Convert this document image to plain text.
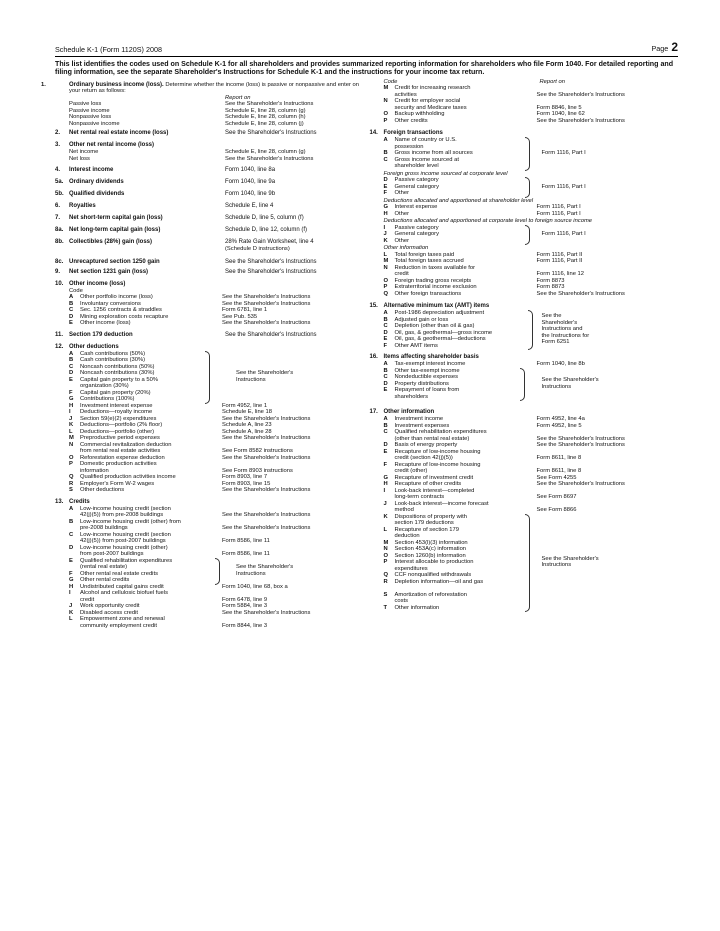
Schedule K-1 (Form 1120S) 2008	Page 2
This list identifies the codes used on Schedule K-1 for all shareholders and provides summarized reporting information for shareholders who file Form 1040. For detailed reporting and filing information, see the separate Shareholder's Instructions for Schedule K-1 and the instructions for your income tax return.
1.	Ordinary business income (loss). Determine whether the income (loss) is passive or nonpassive and enter on your return as follows:
Report on
Passive loss	See the Shareholder's Instructions
Passive income	Schedule E, line 28, column (g)
Nonpassive loss	Schedule E, line 28, column (h)
Nonpassive income	Schedule E, line 28, column (j)
2.	Net rental real estate income (loss)	See the Shareholder's Instructions
3.	Other net rental income (loss)
Net income	Schedule E, line 28, column (g)
Net loss	See the Shareholder's Instructions
4.	Interest income	Form 1040, line 8a
5a. Ordinary dividends	Form 1040, line 9a
5b. Qualified dividends	Form 1040, line 9b
6.	Royalties	Schedule E, line 4
7.	Net short-term capital gain (loss)	Schedule D, line 5, column (f)
8a. Net long-term capital gain (loss)	Schedule D, line 12, column (f)
8b. Collectibles (28%) gain (loss)	28% Rate Gain Worksheet, line 4
(Schedule D instructions)
8c. Unrecaptured section 1250 gain	See the Shareholder's Instructions
9.	Net section 1231 gain (loss)	See the Shareholder's Instructions
10. Other income (loss)
Code
A	Other portfolio income (loss)	See the Shareholder's Instructions
B	Involuntary conversions	See the Shareholder's Instructions
C	Sec. 1256 contracts & straddles	Form 6781, line 1
D	Mining exploration costs recapture	See Pub. 535
E	Other income (loss)	See the Shareholder's Instructions
11. Section 179 deduction	See the Shareholder's Instructions
12. Other deductions
A	Cash contributions (50%)
B	Cash contributions (30%)
C	Noncash contributions (50%)
D	Noncash contributions (30%)
E	Capital gain property to a 50%
organization (30%)
F	Capital gain property (20%)
G	Contributions (100%)
See the Shareholder's
Instructions
H	Investment interest expense	Form 4952, line 1
I	Deductions—royalty income	Schedule E, line 18
J	Section 59(e)(2) expenditures	See the Shareholder's Instructions
K	Deductions—portfolio (2% floor)	Schedule A, line 23
L	Deductions—portfolio (other)	Schedule A, line 28
M	Preproductive period expenses	See the Shareholder's Instructions
N	Commercial revitalization deduction
from rental real estate activities	See Form 8582 instructions
O	Reforestation expense deduction	See the Shareholder's Instructions
P	Domestic production activities
information	See Form 8903 instructions
Q	Qualified production activities income	Form 8903, line 7
R	Employer's Form W-2 wages	Form 8903, line 15
S	Other deductions	See the Shareholder's Instructions
13. Credits
A	Low-income housing credit (section
42(j)(5)) from pre-2008 buildings	See the Shareholder's Instructions
B	Low-income housing credit (other) from
pre-2008 buildings	See the Shareholder's Instructions
C	Low-income housing credit (section
42(j)(5)) from post-2007 buildings	Form 8586, line 11
D	Low-income housing credit (other)
from post-2007 buildings	Form 8586, line 11
E	Qualified rehabilitation expenditures
(rental real estate)
F	Other rental real estate credits
G	Other rental credits
See the Shareholder's
Instructions
H	Undistributed capital gains credit	Form 1040, line 68, box a
I	Alcohol and cellulosic biofuel fuels
credit	Form 6478, line 9
J	Work opportunity credit	Form 5884, line 3
K	Disabled access credit	See the Shareholder's Instructions
L	Empowerment zone and renewal
community employment credit	Form 8844, line 3
Code	Report on
M	Credit for increasing research
activities	See the Shareholder's Instructions
N	Credit for employer social
security and Medicare taxes	Form 8846, line 5
O	Backup withholding	Form 1040, line 62
P	Other credits	See the Shareholder's Instructions
14. Foreign transactions
A	Name of country or U.S.
possession
B	Gross income from all sources
C	Gross income sourced at
shareholder level
Form 1116, Part I
Foreign gross income sourced at corporate level
D	Passive category
E	General category
F	Other
Form 1116, Part I
Deductions allocated and apportioned at shareholder level
G	Interest expense	Form 1116, Part I
H	Other	Form 1116, Part I
Deductions allocated and apportioned at corporate level to foreign source income
I	Passive category
J	General category
K	Other
Form 1116, Part I
Other information
L	Total foreign taxes paid	Form 1116, Part II
M	Total foreign taxes accrued	Form 1116, Part II
N	Reduction in taxes available for
credit	Form 1116, line 12
O	Foreign trading gross receipts	Form 8873
P	Extraterritorial income exclusion	Form 8873
Q	Other foreign transactions	See the Shareholder's Instructions
15. Alternative minimum tax (AMT) items
A	Post-1986 depreciation adjustment
B	Adjusted gain or loss
C	Depletion (other than oil & gas)
D	Oil, gas, & geothermal—gross income
E	Oil, gas, & geothermal—deductions
F	Other AMT items
See the
Shareholder's
Instructions and
the Instructions for
Form 6251
16. Items affecting shareholder basis
A	Tax-exempt interest income	Form 1040, line 8b
B	Other tax-exempt income
C	Nondeductible expenses
D	Property distributions
E	Repayment of loans from
shareholders
See the Shareholder's
Instructions
17. Other information
A	Investment income	Form 4952, line 4a
B	Investment expenses	Form 4952, line 5
C	Qualified rehabilitation expenditures
(other than rental real estate)	See the Shareholder's Instructions
D	Basis of energy property	See the Shareholder's Instructions
E	Recapture of low-income housing
credit (section 42(j)(5))	Form 8611, line 8
F	Recapture of low-income housing
credit (other)	Form 8611, line 8
G	Recapture of investment credit	See Form 4255
H	Recapture of other credits	See the Shareholder's Instructions
I	Look-back interest—completed
long-term contracts	See Form 8697
J	Look-back interest—income forecast
method	See Form 8866
K	Dispositions of property with
section 179 deductions
L	Recapture of section 179
deduction
M	Section 453(l)(3) information
N	Section 453A(c) information
O	Section 1260(b) information
P	Interest allocable to production
expenditures
Q	CCF nonqualified withdrawals
R	Depletion information—oil and gas
S	Amortization of reforestation
costs
T	Other information
See the Shareholder's
Instructions
